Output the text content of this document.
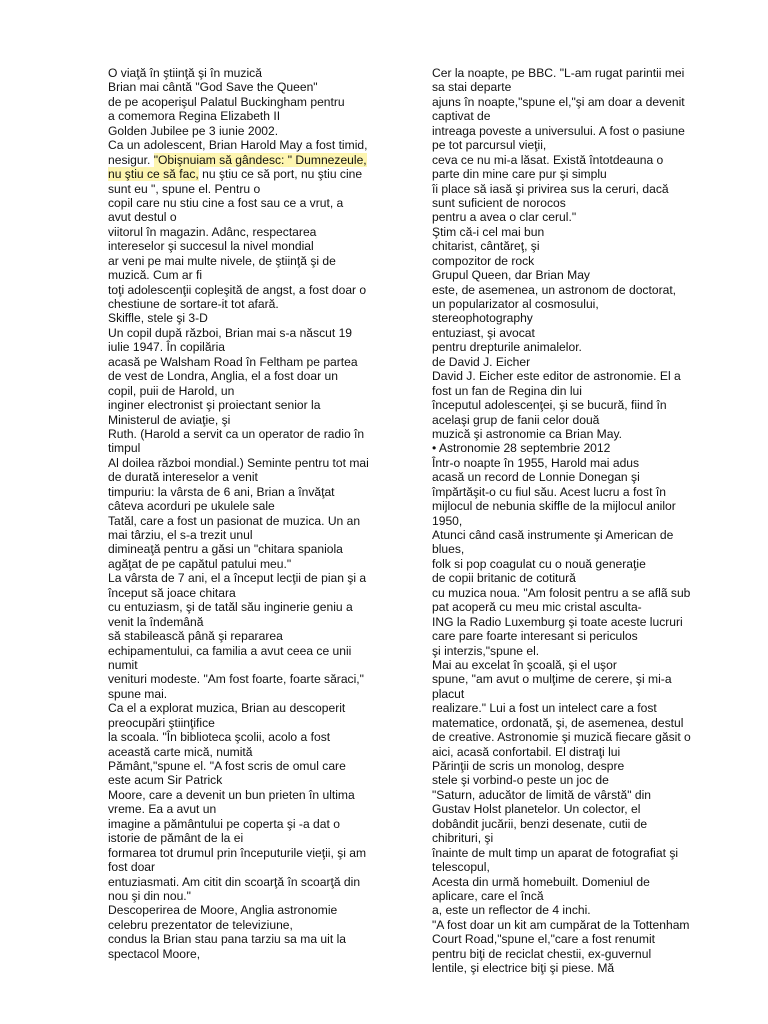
O viaţă în ştiinţă şi în muzică
Brian mai cântă "God Save the Queen"
de pe acoperişul Palatul Buckingham pentru
a comemora Regina Elizabeth II
Golden Jubilee pe 3 iunie 2002.
Ca un adolescent, Brian Harold May a fost timid,
nesigur. "Obişnuiam să gândesc: " Dumnezeule,
nu ştiu ce să fac, nu ştiu ce să port, nu ştiu cine
sunt eu ", spune el. Pentru o
copil care nu stiu cine a fost sau ce a vrut, a
avut destul o
viitorul în magazin. Adânc, respectarea
intereselor şi succesul la nivel mondial
ar veni pe mai multe nivele, de ştiinţă şi de
muzică. Cum ar fi
toţi adolescenţii copleşită de angst, a fost doar o
chestiune de sortare-it tot afară.
Skiffle, stele şi 3-D
Un copil după război, Brian mai s-a născut 19
iulie 1947. În copilăria
acasă pe Walsham Road în Feltham pe partea
de vest de Londra, Anglia, el a fost doar un
copil, puii de Harold, un
inginer electronist şi proiectant senior la
Ministerul de aviaţie, şi
Ruth. (Harold a servit ca un operator de radio în
timpul
Al doilea război mondial.) Seminte pentru tot mai
de durată intereselor a venit
timpuriu: la vârsta de 6 ani, Brian a învăţat
câteva acorduri pe ukulele sale
Tatăl, care a fost un pasionat de muzica. Un an
mai târziu, el s-a trezit unul
dimineaţă pentru a găsi un "chitara spaniola
agăţat de pe capătul patului meu."
La vârsta de 7 ani, el a început lecţii de pian şi a
început să joace chitara
cu entuziasm, şi de tatăl său inginerie geniu a
venit la îndemână
să stabilească până şi repararea
echipamentului, ca familia a avut ceea ce unii
numit
venituri modeste. "Am fost foarte, foarte săraci,"
spune mai.
Ca el a explorat muzica, Brian au descoperit
preocupări ştiinţifice
la scoala. "În biblioteca şcolii, acolo a fost
această carte mică, numită
Pământ,"spune el. "A fost scris de omul care
este acum Sir Patrick
Moore, care a devenit un bun prieten în ultima
vreme. Ea a avut un
imagine a pământului pe coperta şi -a dat o
istorie de pământ de la ei
formarea tot drumul prin începuturile vieţii, şi am
fost doar
entuziasmati. Am citit din scoarţă în scoarţă din
nou şi din nou."
Descoperirea de Moore, Anglia astronomie
celebru prezentator de televiziune,
condus la Brian stau pana tarziu sa ma uit la
spectacol Moore,
Cer la noapte, pe BBC. "L-am rugat parintii mei
sa stai departe
ajuns în noapte,"spune el,"şi am doar a devenit
captivat de
intreaga poveste a universului. A fost o pasiune
pe tot parcursul vieţii,
ceva ce nu mi-a lăsat. Există întotdeauna o
parte din mine care pur şi simplu
îi place să iasă şi privirea sus la ceruri, dacă
sunt suficient de norocos
pentru a avea o clar cerul."
Ştim că-i cel mai bun
chitarist, cântăreţ, şi
compozitor de rock
Grupul Queen, dar Brian May
este, de asemenea, un astronom de doctorat,
un popularizator al cosmosului,
stereophotography
entuziast, şi avocat
pentru drepturile animalelor.
de David J. Eicher
David J. Eicher este editor de astronomie. El a
fost un fan de Regina din lui
începutul adolescenţei, şi se bucură, fiind în
acelaşi grup de fanii celor două
muzică şi astronomie ca Brian May.
• Astronomie 28 septembrie 2012
Într-o noapte în 1955, Harold mai adus
acasă un record de Lonnie Donegan şi
împărtăşit-o cu fiul său. Acest lucru a fost în
mijlocul de nebunia skiffle de la mijlocul anilor
1950,
Atunci când casă instrumente şi American de
blues,
folk si pop coagulat cu o nouă generaţie
de copii britanic de cotitură
cu muzica noua. "Am folosit pentru a se aflã sub
pat acoperă cu meu mic cristal asculta-
ING la Radio Luxemburg şi toate aceste lucruri
care pare foarte interesant si periculos
şi interzis,"spune el.
Mai au excelat în şcoală, şi el uşor
spune, "am avut o mulţime de cerere, şi mi-a
placut
realizare." Lui a fost un intelect care a fost
matematice, ordonată, şi, de asemenea, destul
de creative. Astronomie şi muzică fiecare găsit o
aici, acasă confortabil. El distraţi lui
Părinţii de scris un monolog, despre
stele şi vorbind-o peste un joc de
"Saturn, aducător de limită de vârstă" din
Gustav Holst planetelor. Un colector, el
dobândit jucării, benzi desenate, cutii de
chibrituri, şi
înainte de mult timp un aparat de fotografiat şi
telescopul,
Acesta din urmă homebuilt. Domeniul de
aplicare, care el încă
a, este un reflector de 4 inchi.
"A fost doar un kit am cumpărat de la Tottenham
Court Road,"spune el,"care a fost renumit
pentru biţi de reciclat chestii, ex-guvernul
lentile, şi electrice biţi şi piese. Mă
